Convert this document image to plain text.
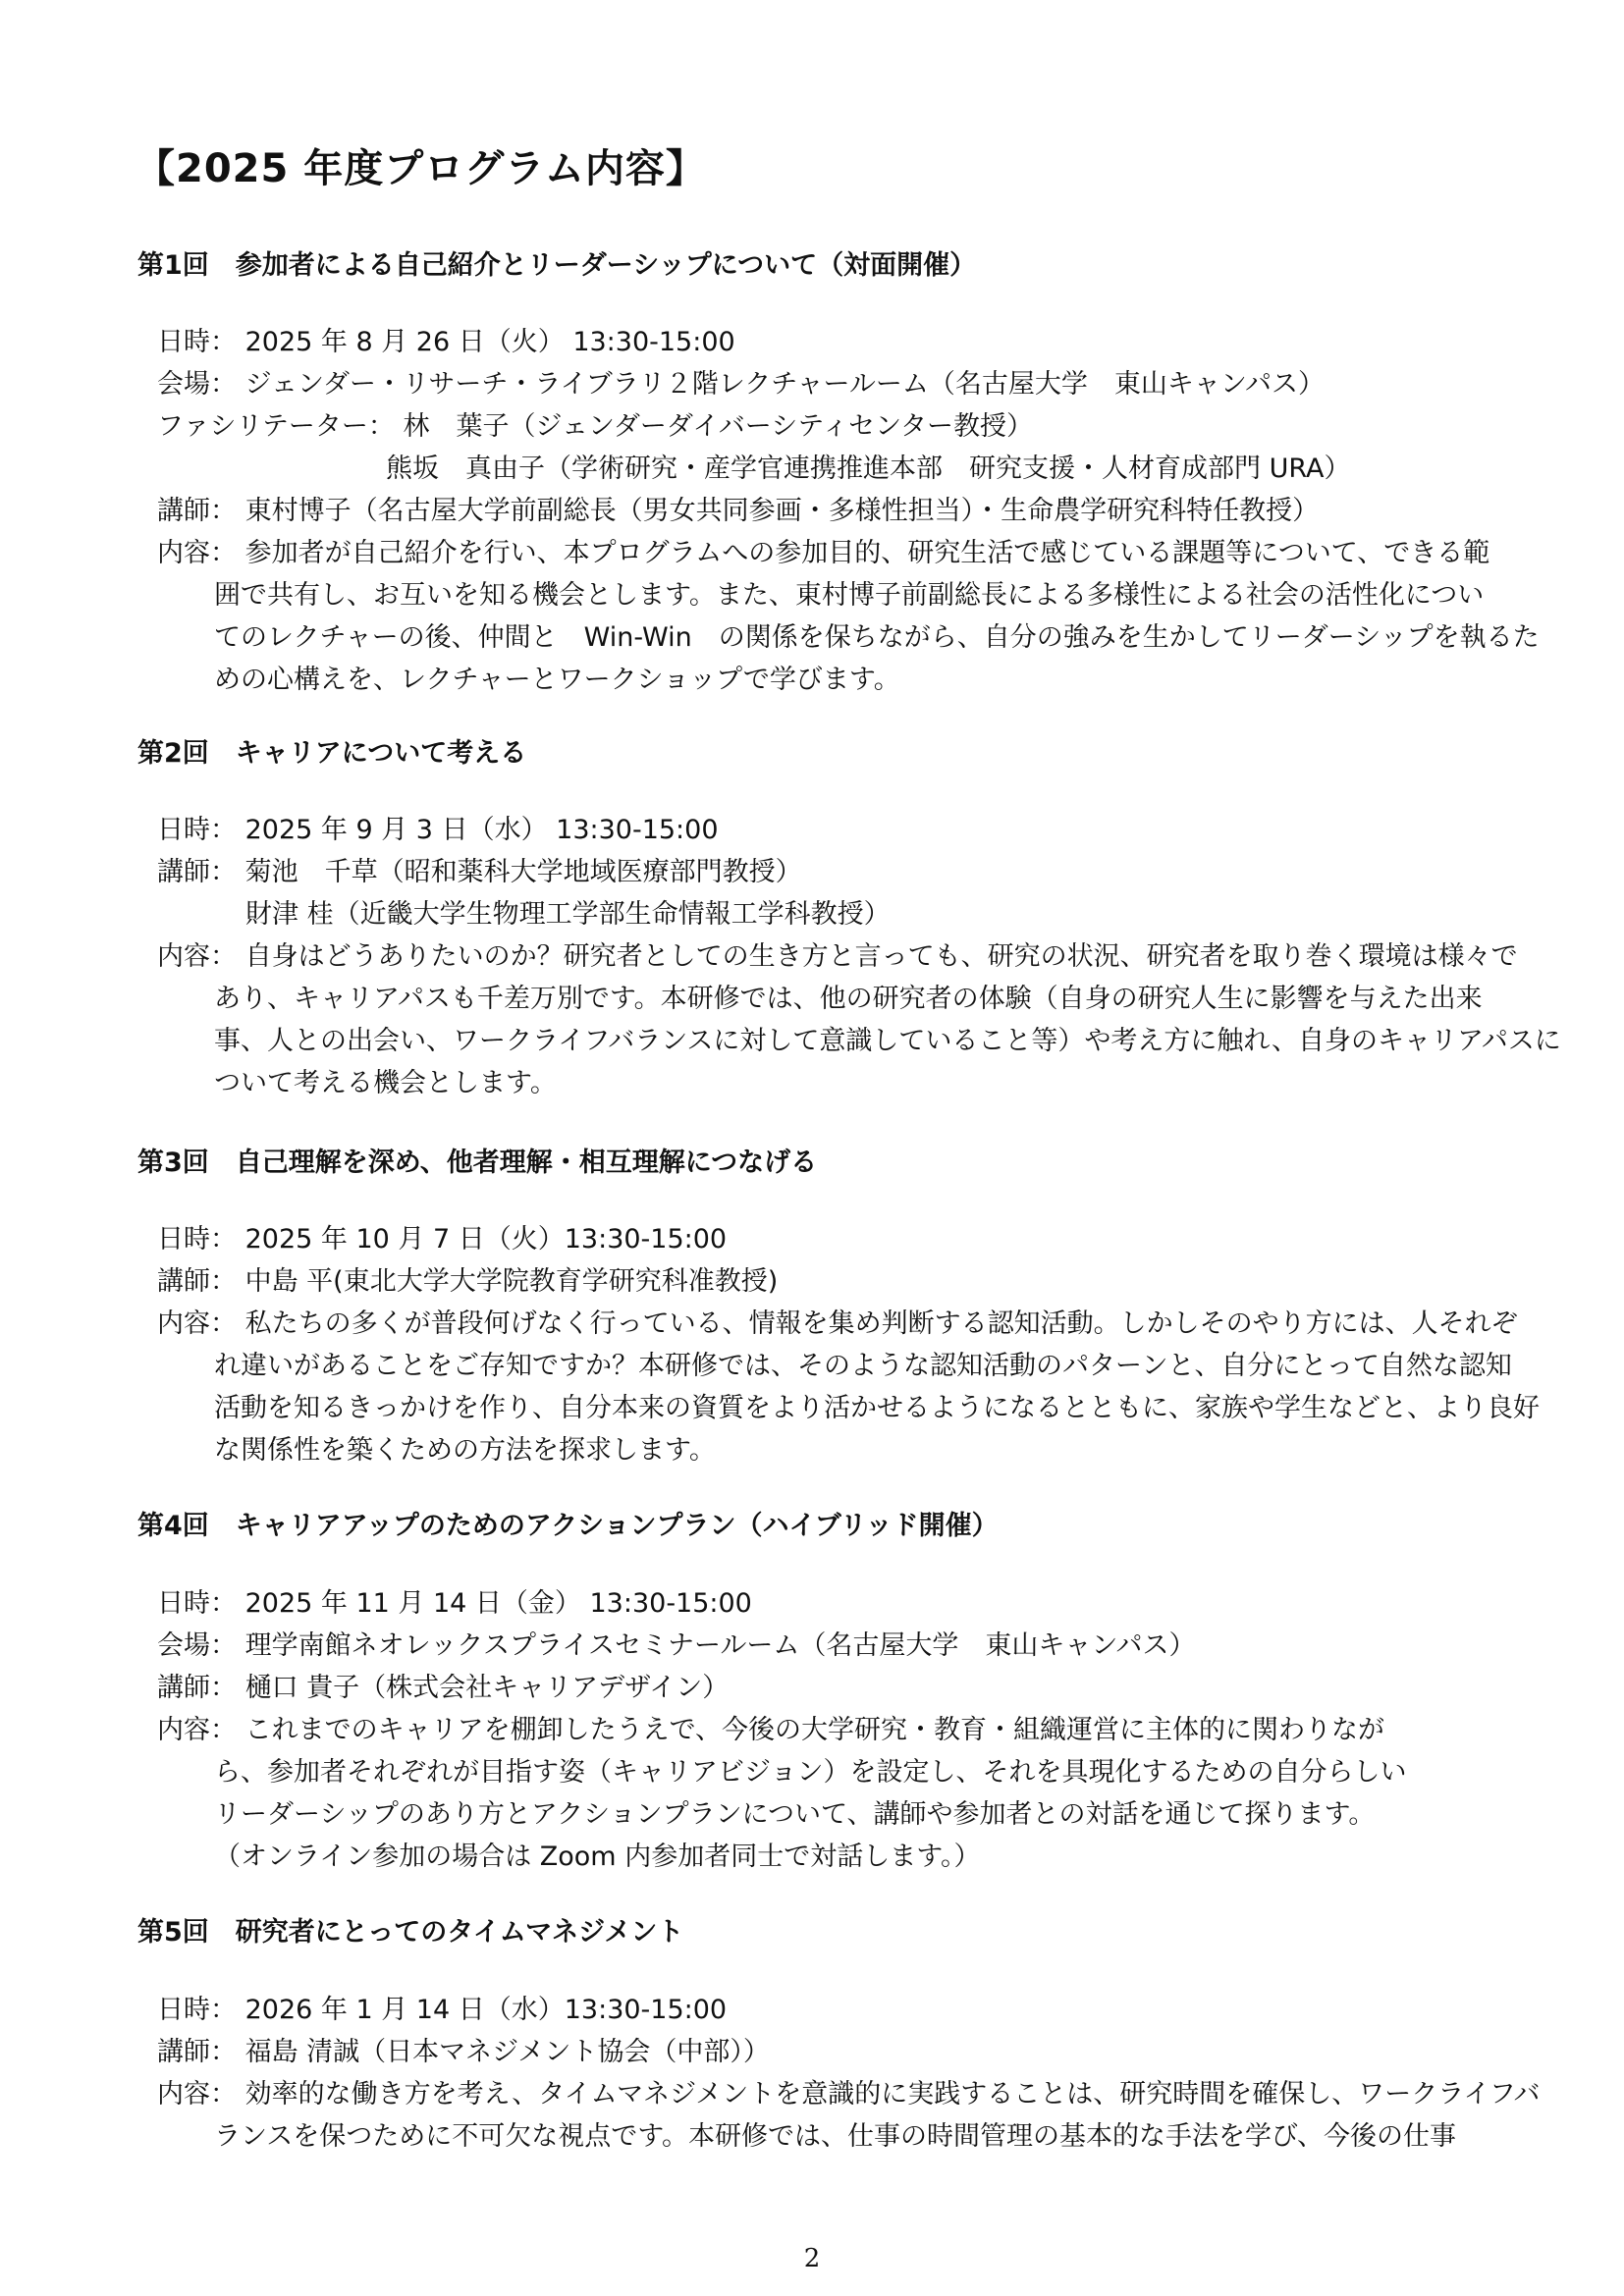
【2025 年度プログラム内容】
第1回　参加者による自己紹介とリーダーシップについて（対面開催）
日時： 2025 年 8 月 26 日（火） 13:30-15:00
会場： ジェンダー・リサーチ・ライブラリ２階レクチャールーム（名古屋大学　東山キャンパス）
ファシリテーター： 林　葉子（ジェンダーダイバーシティセンター教授）
熊坂　真由子（学術研究・産学官連携推進本部　研究支援・人材育成部門 URA）
講師： 東村博子（名古屋大学前副総長（男女共同参画・多様性担当）・生命農学研究科特任教授）
内容： 参加者が自己紹介を行い、本プログラムへの参加目的、研究生活で感じている課題等について、できる範
囲で共有し、お互いを知る機会とします。また、東村博子前副総長による多様性による社会の活性化につい
てのレクチャーの後、仲間と　Win-Win　の関係を保ちながら、自分の強みを生かしてリーダーシップを執るた
めの心構えを、レクチャーとワークショップで学びます。
第2回　キャリアについて考える
日時： 2025 年 9 月 3 日（水） 13:30-15:00
講師： 菊池　千草（昭和薬科大学地域医療部門教授）
財津 桂（近畿大学生物理工学部生命情報工学科教授）
内容： 自身はどうありたいのか？研究者としての生き方と言っても、研究の状況、研究者を取り巻く環境は様々で
あり、キャリアパスも千差万別です。本研修では、他の研究者の体験（自身の研究人生に影響を与えた出来
事、人との出会い、ワークライフバランスに対して意識していること等）や考え方に触れ、自身のキャリアパスに
ついて考える機会とします。
第3回　自己理解を深め、他者理解・相互理解につなげる
日時： 2025 年 10 月 7 日（火）13:30-15:00
講師： 中島 平(東北大学大学院教育学研究科准教授)
内容： 私たちの多くが普段何げなく行っている、情報を集め判断する認知活動。しかしそのやり方には、人それぞ
れ違いがあることをご存知ですか？本研修では、そのような認知活動のパターンと、自分にとって自然な認知
活動を知るきっかけを作り、自分本来の資質をより活かせるようになるとともに、家族や学生などと、より良好
な関係性を築くための方法を探求します。
第4回　キャリアアップのためのアクションプラン（ハイブリッド開催）
日時： 2025 年 11 月 14 日（金） 13:30-15:00
会場： 理学南館ネオレックスプライスセミナールーム（名古屋大学　東山キャンパス）
講師： 樋口 貴子（株式会社キャリアデザイン）
内容： これまでのキャリアを棚卸したうえで、今後の大学研究・教育・組織運営に主体的に関わりなが
ら、参加者それぞれが目指す姿（キャリアビジョン）を設定し、それを具現化するための自分らしい
リーダーシップのあり方とアクションプランについて、講師や参加者との対話を通じて探ります。
（オンライン参加の場合は Zoom 内参加者同士で対話します。）
第5回　研究者にとってのタイムマネジメント
日時： 2026 年 1 月 14 日（水）13:30-15:00
講師： 福島 清誠（日本マネジメント協会（中部））
内容： 効率的な働き方を考え、タイムマネジメントを意識的に実践することは、研究時間を確保し、ワークライフバ
ランスを保つために不可欠な視点です。本研修では、仕事の時間管理の基本的な手法を学び、今後の仕事
2
